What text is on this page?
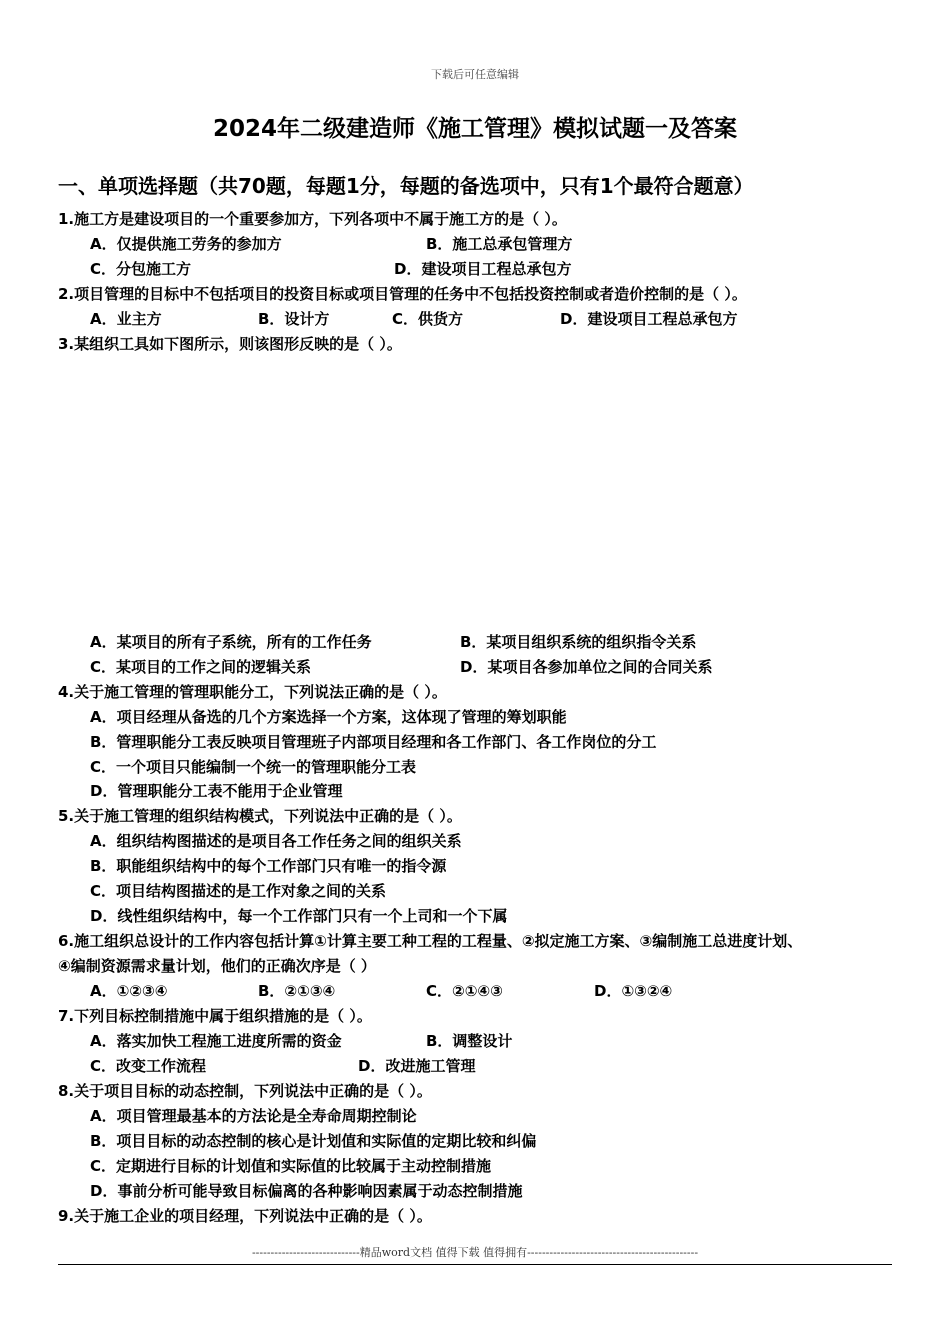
下载后可任意编辑
2024年二级建造师《施工管理》模拟试题一及答案
一、单项选择题（共70题，每题1分，每题的备选项中，只有1个最符合题意）
1.施工方是建设项目的一个重要参加方，下列各项中不属于施工方的是（ ）。
A．仅提供施工劳务的参加方	B．施工总承包管理方
C．分包施工方	D．建设项目工程总承包方
2.项目管理的目标中不包括项目的投资目标或项目管理的任务中不包括投资控制或者造价控制的是（ ）。
A．业主方	B．设计方	C．供货方	D．建设项目工程总承包方
3.某组织工具如下图所示，则该图形反映的是（ ）。
A．某项目的所有子系统，所有的工作任务	B．某项目组织系统的组织指令关系
C．某项目的工作之间的逻辑关系	D．某项目各参加单位之间的合同关系
4.关于施工管理的管理职能分工，下列说法正确的是（ ）。
A．项目经理从备选的几个方案选择一个方案，这体现了管理的筹划职能
B．管理职能分工表反映项目管理班子内部项目经理和各工作部门、各工作岗位的分工
C．一个项目只能编制一个统一的管理职能分工表
D．管理职能分工表不能用于企业管理
5.关于施工管理的组织结构模式，下列说法中正确的是（ ）。
A．组织结构图描述的是项目各工作任务之间的组织关系
B．职能组织结构中的每个工作部门只有唯一的指令源
C．项目结构图描述的是工作对象之间的关系
D．线性组织结构中，每一个工作部门只有一个上司和一个下属
6.施工组织总设计的工作内容包括计算①计算主要工种工程的工程量、②拟定施工方案、③编制施工总进度计划、
④编制资源需求量计划，他们的正确次序是（ ）
A．①②③④	B．②①③④	C．②①④③	D．①③②④
7.下列目标控制措施中属于组织措施的是（ ）。
A．落实加快工程施工进度所需的资金	B．调整设计
C．改变工作流程	D．改进施工管理
8.关于项目目标的动态控制，下列说法中正确的是（ ）。
A．项目管理最基本的方法论是全寿命周期控制论
B．项目目标的动态控制的核心是计划值和实际值的定期比较和纠偏
C．定期进行目标的计划值和实际值的比较属于主动控制措施
D．事前分析可能导致目标偏离的各种影响因素属于动态控制措施
9.关于施工企业的项目经理，下列说法中正确的是（ ）。
-----------------------------精品word文档 值得下载 值得拥有----------------------------------------------
